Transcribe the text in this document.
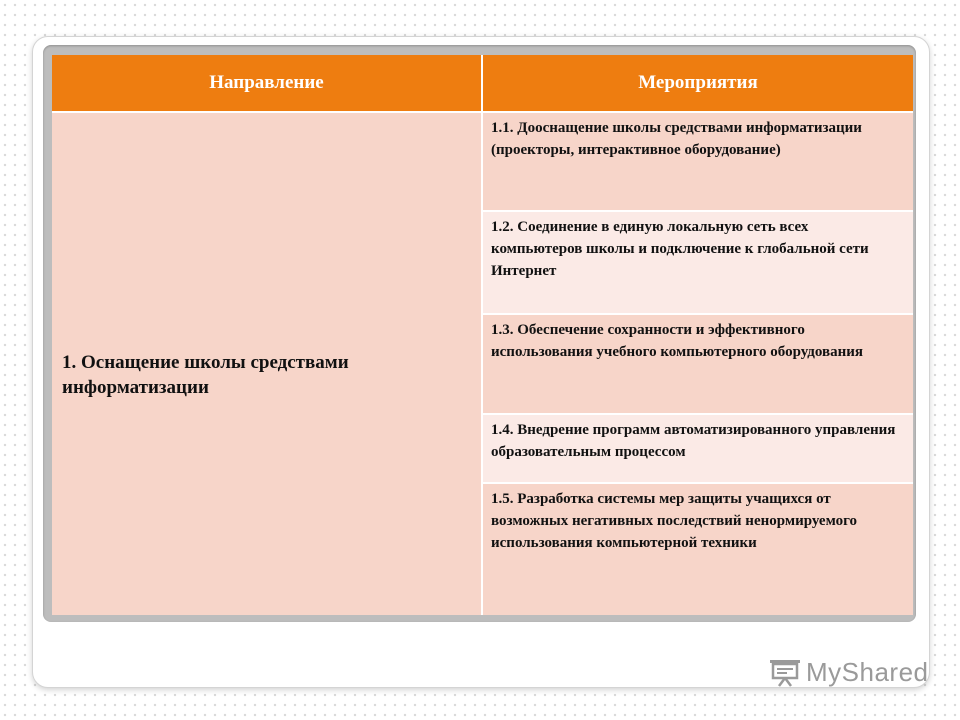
Направление	Мероприятия
1. Оснащение школы средствами информатизации
1.1. Дооснащение школы средствами информатизации (проекторы, интерактивное оборудование)
1.2. Соединение в единую локальную сеть всех компьютеров школы и подключение к глобальной сети Интернет
1.3. Обеспечение сохранности и эффективного использования учебного компьютерного оборудования
1.4. Внедрение программ автоматизированного управления образовательным процессом
1.5. Разработка системы мер защиты учащихся от возможных негативных последствий ненормируемого использования компьютерной техники
MyShared
